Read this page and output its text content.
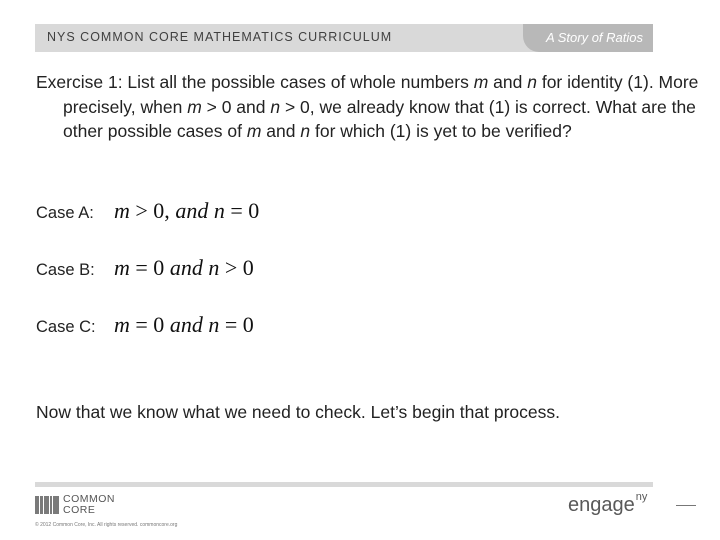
NYS COMMON CORE MATHEMATICS CURRICULUM	A Story of Ratios
Exercise 1: List all the possible cases of whole numbers m and n for identity (1). More precisely, when m > 0 and n > 0, we already know that (1) is correct. What are the other possible cases of m and n for which (1) is yet to be verified?
Case A: m > 0, and n = 0
Case B: m = 0 and n > 0
Case C: m = 0 and n = 0
Now that we know what we need to check. Let’s begin that process.
COMMON
CORE
© 2012 Common Core, Inc. All rights reserved. commoncore.org
engage$^{ny}$
